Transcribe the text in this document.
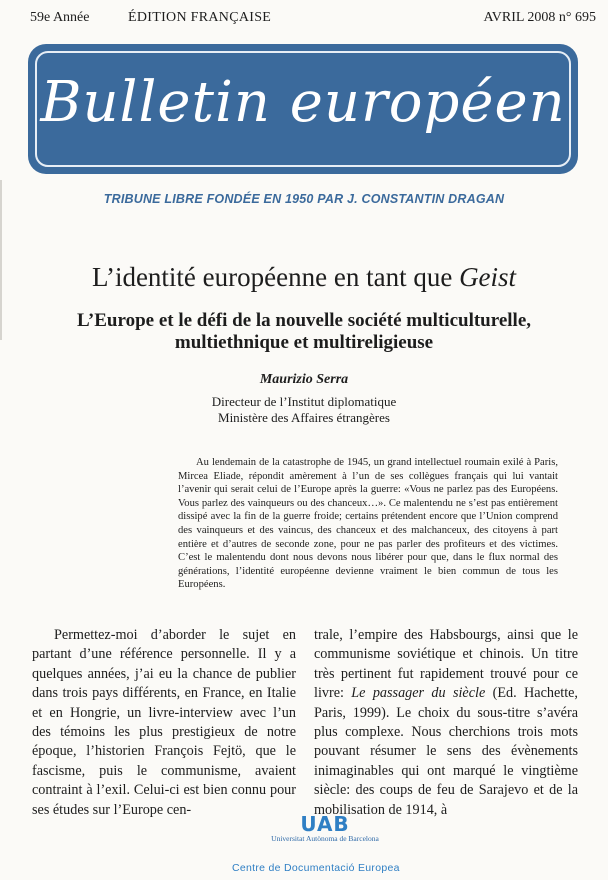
59e Année	ÉDITION FRANÇAISE	AVRIL 2008 n° 695
Bulletin européen
TRIBUNE LIBRE FONDÉE EN 1950 PAR J. CONSTANTIN DRAGAN
L’identité européenne en tant que Geist
L’Europe et le défi de la nouvelle société multiculturelle,
multiethnique et multireligieuse
Maurizio Serra
Directeur de l’Institut diplomatique
Ministère des Affaires étrangères
Au lendemain de la catastrophe de 1945, un grand intellectuel roumain exilé à Paris, Mircea Eliade, répondit amèrement à l’un de ses collègues français qui lui vantait l’avenir qui serait celui de l’Europe après la guerre: «Vous ne parlez pas des Européens. Vous parlez des vainqueurs ou des chanceux…». Ce malentendu ne s’est pas entièrement dissipé avec la fin de la guerre froide; certains prétendent encore que l’Union comprend des vainqueurs et des vaincus, des chanceux et des malchanceux, des citoyens à part entière et d’autres de seconde zone, pour ne pas parler des profiteurs et des victimes. C’est le malentendu dont nous devons nous libérer pour que, dans le flux normal des générations, l’identité européenne devienne vraiment le bien commun de tous les Européens.
Permettez-moi d’aborder le sujet en partant d’une référence personnelle. Il y a quelques années, j’ai eu la chance de publier dans trois pays différents, en France, en Italie et en Hongrie, un livre-interview avec l’un des témoins les plus prestigieux de notre époque, l’historien François Fejtö, que le fascisme, puis le communisme, avaient contraint à l’exil. Celui-ci est bien connu pour ses études sur l’Europe cen-
trale, l’empire des Habsbourgs, ainsi que le communisme soviétique et chinois. Un titre très pertinent fut rapidement trouvé pour ce livre: Le passager du siècle (Ed. Hachette, Paris, 1999). Le choix du sous-titre s’avéra plus complexe. Nous cherchions trois mots pouvant résumer le sens des évènements inimaginables qui ont marqué le vingtième siècle: des coups de feu de Sarajevo et de la mobilisation de 1914, à
UAB
Universitat Autònoma de Barcelona
Centre de Documentació Europea
